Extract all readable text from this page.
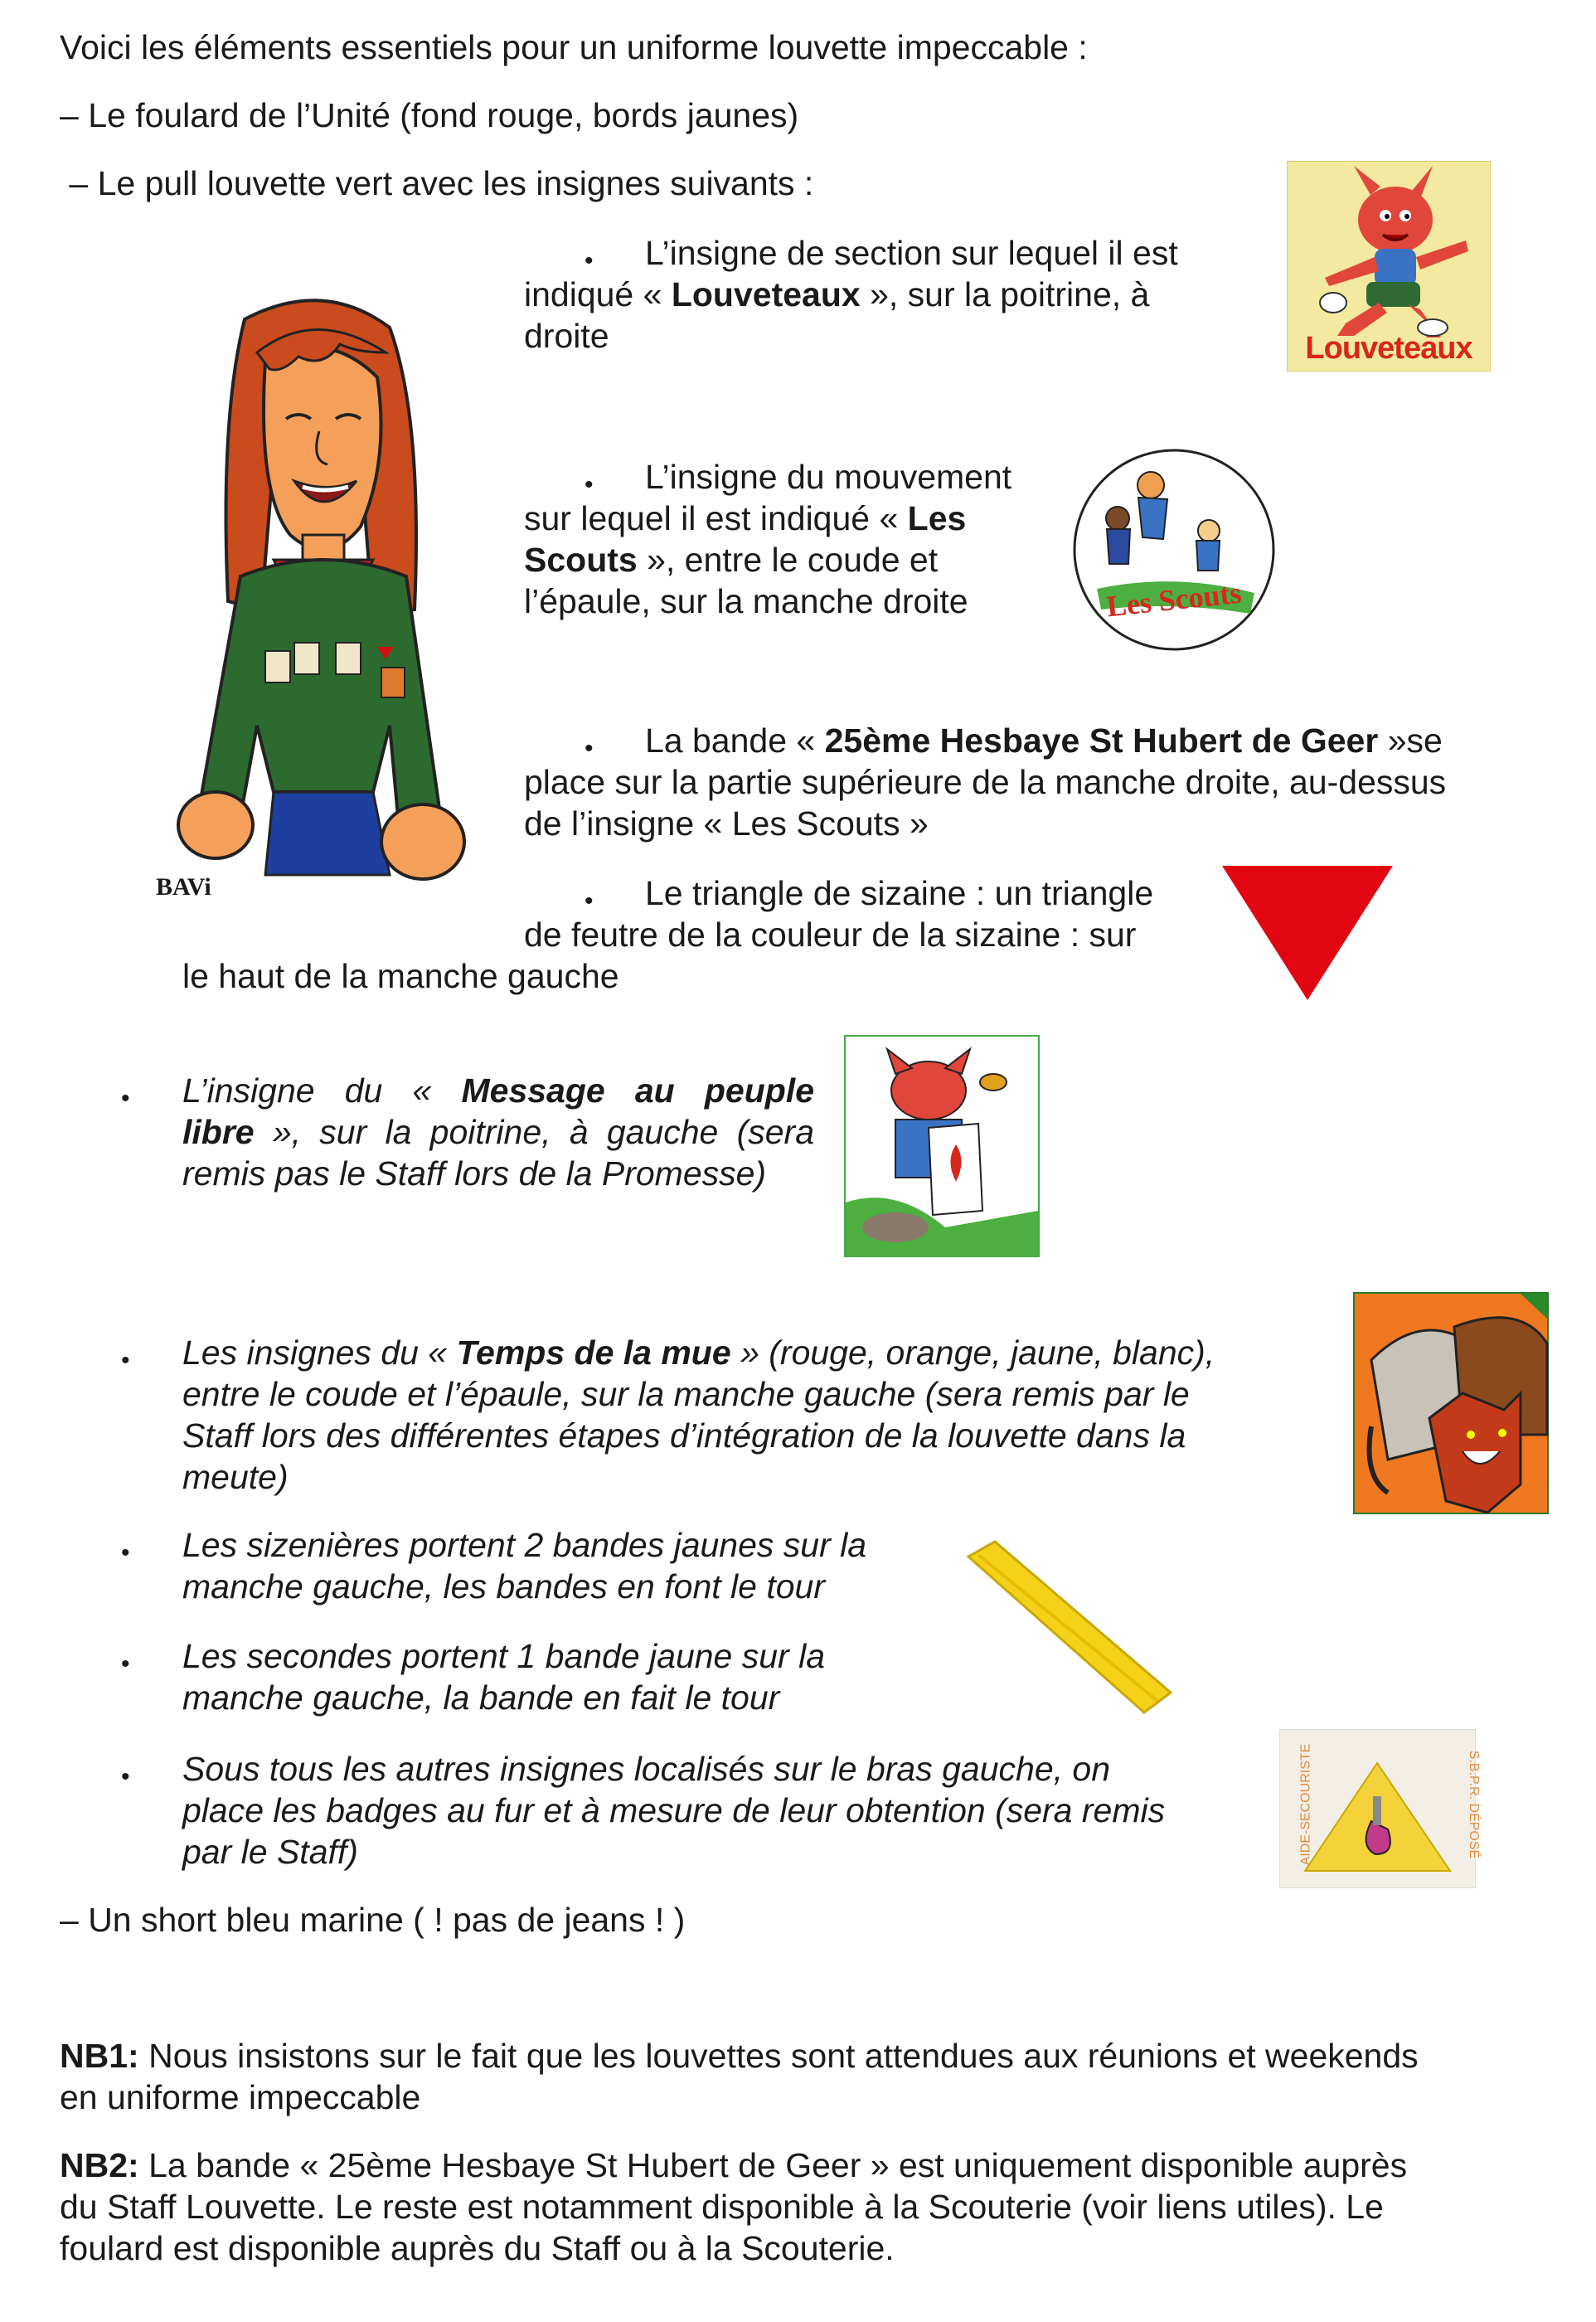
Voici les éléments essentiels pour un uniforme louvette impeccable :
– Le foulard de l’Unité (fond rouge, bords jaunes)
– Le pull louvette vert avec les insignes suivants :
Louveteaux
BAVi
• L’insigne de section sur lequel il est
indiqué « Louveteaux », sur la poitrine, à
droite
• L’insigne du mouvement
sur lequel il est indiqué « Les
Scouts », entre le coude et
l’épaule, sur la manche droite	Les Scouts
• La bande « 25ème Hesbaye St Hubert de Geer »se
place sur la partie supérieure de la manche droite, au-dessus
de l’insigne « Les Scouts »
• Le triangle de sizaine : un triangle
de feutre de la couleur de la sizaine : sur
le haut de la manche gauche
• L’insigne du « Message au peuple
libre », sur la poitrine, à gauche (sera
remis pas le Staff lors de la Promesse)
• Les insignes du « Temps de la mue » (rouge, orange, jaune, blanc),
entre le coude et l’épaule, sur la manche gauche (sera remis par le
Staff lors des différentes étapes d’intégration de la louvette dans la
meute)
• Les sizenières portent 2 bandes jaunes sur la
manche gauche, les bandes en font le tour
• Les secondes portent 1 bande jaune sur la
manche gauche, la bande en fait le tour
• Sous tous les autres insignes localisés sur le bras gauche, on
place les badges au fur et à mesure de leur obtention (sera remis
par le Staff)	AIDE-SECOURISTE	S.B.P.R. DÉPOSÉ
– Un short bleu marine ( ! pas de jeans ! )
NB1: Nous insistons sur le fait que les louvettes sont attendues aux réunions et weekends
en uniforme impeccable
NB2: La bande « 25ème Hesbaye St Hubert de Geer » est uniquement disponible auprès
du Staff Louvette. Le reste est notamment disponible à la Scouterie (voir liens utiles). Le
foulard est disponible auprès du Staff ou à la Scouterie.
